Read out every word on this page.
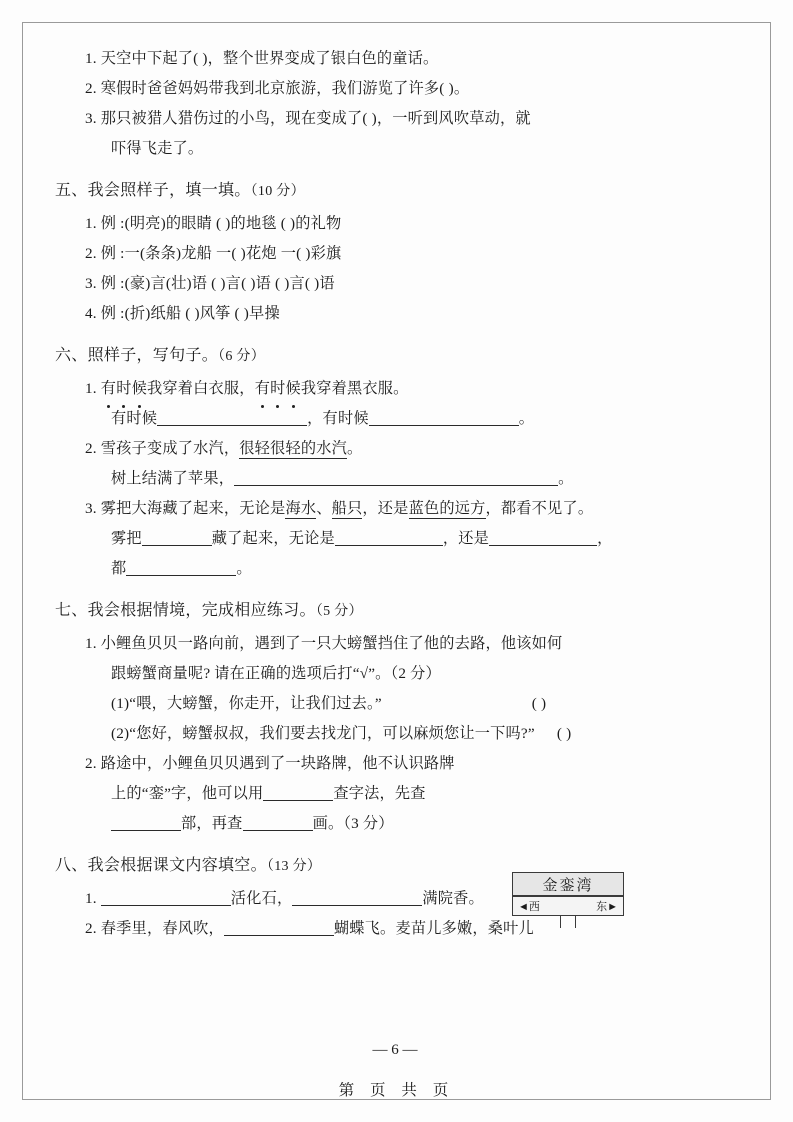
1. 天空中下起了( )，整个世界变成了银白色的童话。
2. 寒假时爸爸妈妈带我到北京旅游，我们游览了许多( )。
3. 那只被猎人猎伤过的小鸟，现在变成了( )，一听到风吹草动，就
吓得飞走了。
五、我会照样子，填一填。（10 分）
1. 例 :(明亮)的眼睛 ( )的地毯 ( )的礼物
2. 例 :一(条条)龙船 一( )花炮 一( )彩旗
3. 例 :(豪)言(壮)语 ( )言( )语 ( )言( )语
4. 例 :(折)纸船 ( )风筝 ( )早操
六、照样子，写句子。（6 分）
1. 有时候我穿着白衣服，有时候我穿着黑衣服。
有时候	，有时候	。
2. 雪孩子变成了水汽，很轻很轻的水汽。
树上结满了苹果，	。
3. 雾把大海藏了起来，无论是海水、船只，还是蓝色的远方，都看不见了。
雾把	藏了起来，无论是	，还是	，
都	。
七、我会根据情境，完成相应练习。（5 分）
1. 小鲤鱼贝贝一路向前，遇到了一只大螃蟹挡住了他的去路，他该如何
跟螃蟹商量呢? 请在正确的选项后打“√”。（2 分）
(1)“喂，大螃蟹，你走开，让我们过去。”	( )
(2)“您好，螃蟹叔叔，我们要去找龙门，可以麻烦您让一下吗?” ( )
2. 路途中，小鲤鱼贝贝遇到了一块路牌，他不认识路牌
上的“銮”字，他可以用	查字法，先查
部，再查	画。（3 分）
八、我会根据课文内容填空。（13 分）
1.	活化石，	满院香。
2. 春季里，春风吹，	蝴蝶飞。麦苗儿多嫩，桑叶儿
金銮湾
◄西	东►
— 6 —
第 页 共 页
